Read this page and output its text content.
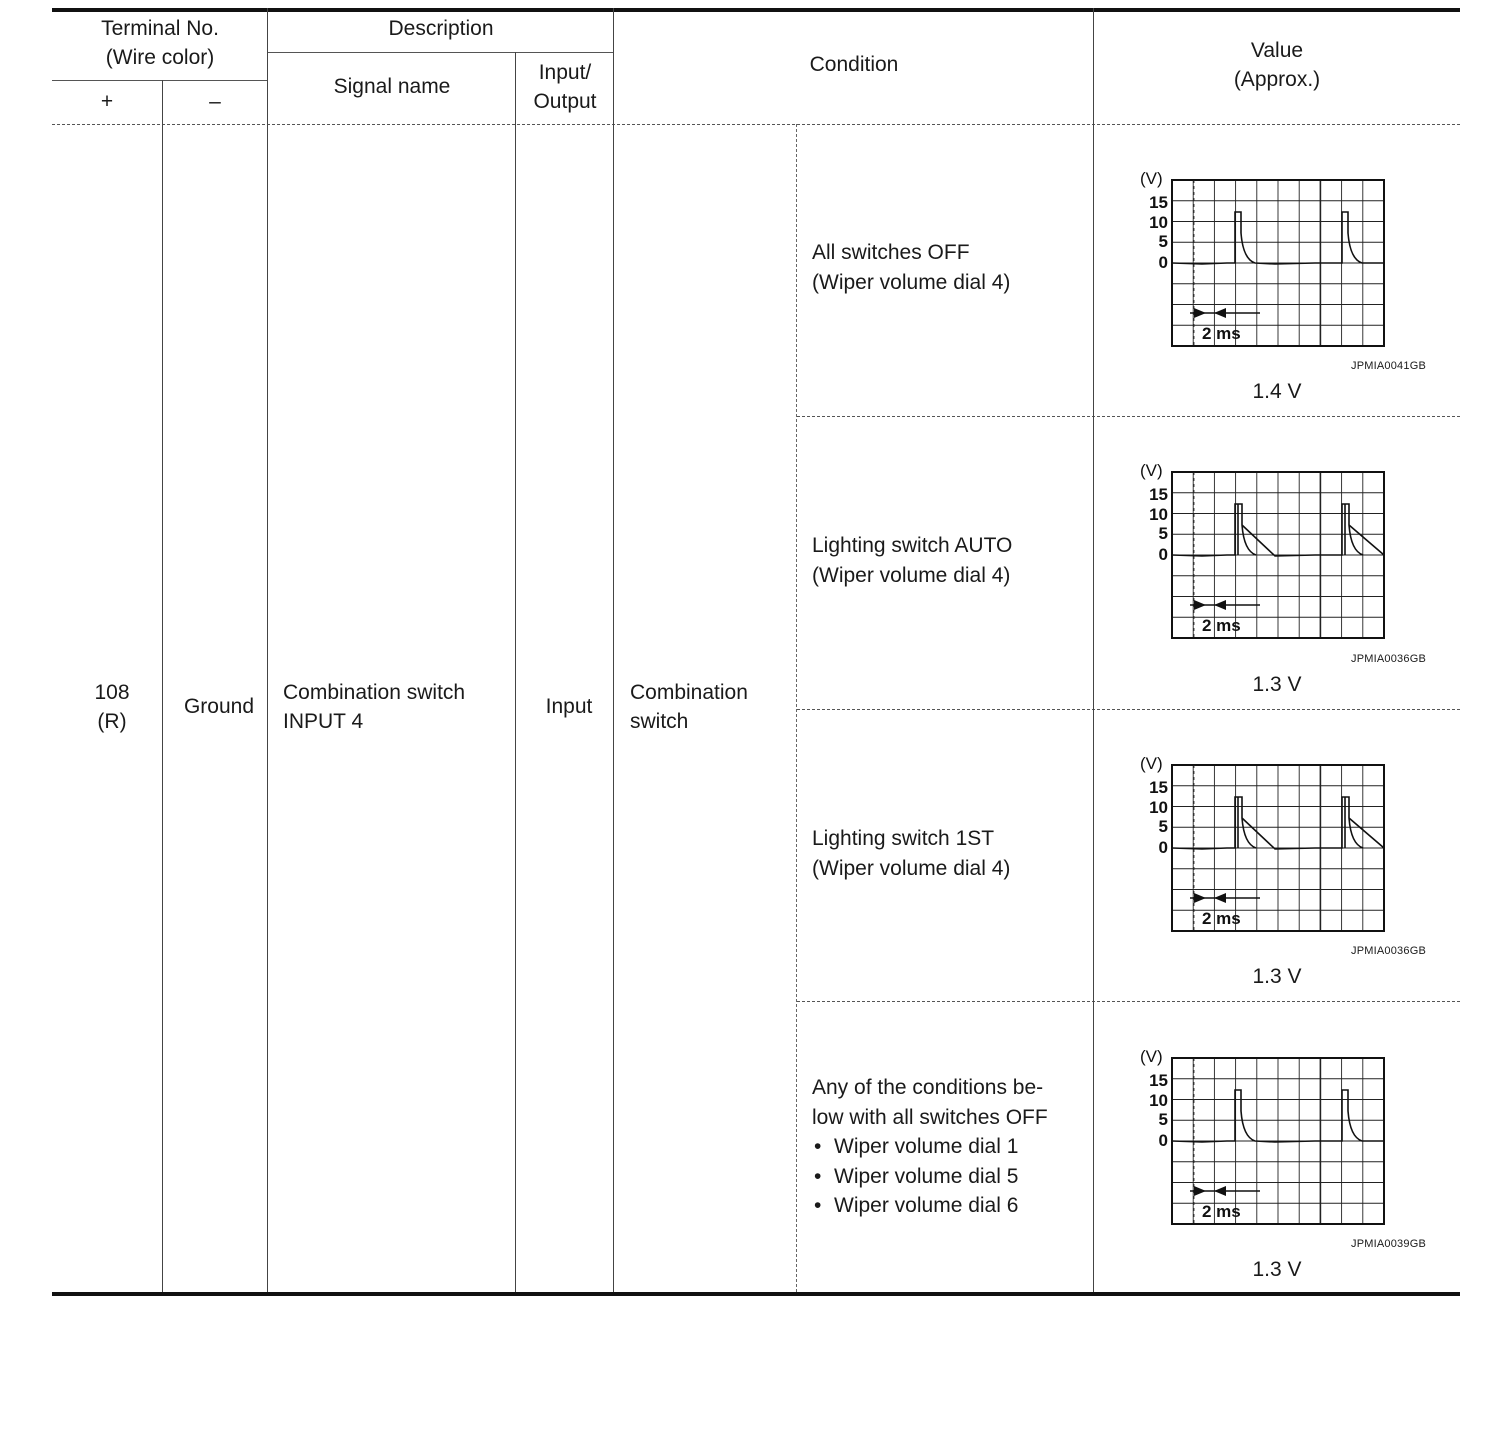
Terminal No.
(Wire color)
+	–
Description
Signal name
Input/
Output
Condition
Value
(Approx.)
108
(R)
Ground
Combination switch
INPUT 4
Input
Combination
switch
All switches OFF
(Wiper volume dial 4)
(V)
15
10
5
0
2 ms
JPMIA0041GB
1.4 V
Lighting switch AUTO
(Wiper volume dial 4)
(V)
15
10
5
0
2 ms
JPMIA0036GB
1.3 V
Lighting switch 1ST
(Wiper volume dial 4)
(V)
15
10
5
0
2 ms
JPMIA0036GB
1.3 V
Any of the conditions be-
low with all switches OFF
• Wiper volume dial 1
• Wiper volume dial 5
• Wiper volume dial 6
(V)
15
10
5
0
2 ms
JPMIA0039GB
1.3 V
